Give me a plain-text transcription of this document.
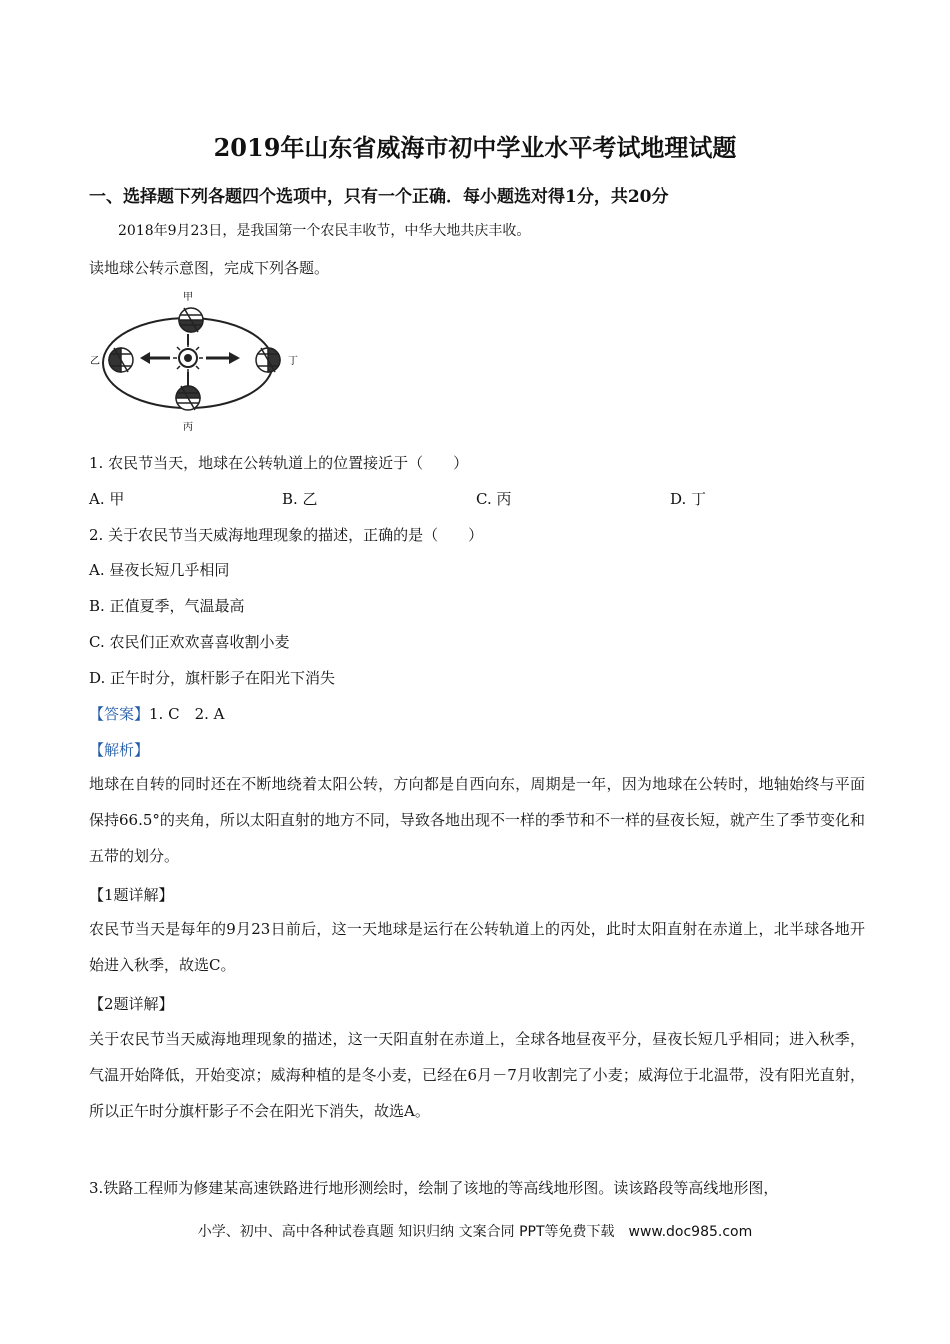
2019年山东省威海市初中学业水平考试地理试题
一、选择题下列各题四个选项中，只有一个正确．每小题选对得1分，共20分
2018年9月23日，是我国第一个农民丰收节，中华大地共庆丰收。
读地球公转示意图，完成下列各题。
甲
乙
丙
丁
1. 农民节当天，地球在公转轨道上的位置接近于（　　）
A. 甲	B. 乙	C. 丙	D. 丁
2. 关于农民节当天威海地理现象的描述，正确的是（　　）
A. 昼夜长短几乎相同
B. 正值夏季，气温最高
C. 农民们正欢欢喜喜收割小麦
D. 正午时分，旗杆影子在阳光下消失
【答案】1. C　2. A
【解析】
地球在自转的同时还在不断地绕着太阳公转，方向都是自西向东，周期是一年，因为地球在公转时，地轴始终与平面保持66.5°的夹角，所以太阳直射的地方不同，导致各地出现不一样的季节和不一样的昼夜长短，就产生了季节变化和五带的划分。
【1题详解】
农民节当天是每年的9月23日前后，这一天地球是运行在公转轨道上的丙处，此时太阳直射在赤道上，北半球各地开始进入秋季，故选C。
【2题详解】
关于农民节当天威海地理现象的描述，这一天阳直射在赤道上，全球各地昼夜平分，昼夜长短几乎相同；进入秋季，气温开始降低，开始变凉；威海种植的是冬小麦，已经在6月－7月收割完了小麦；威海位于北温带，没有阳光直射，所以正午时分旗杆影子不会在阳光下消失，故选A。
3.铁路工程师为修建某高速铁路进行地形测绘时，绘制了该地的等高线地形图。读该路段等高线地形图，
小学、初中、高中各种试卷真题 知识归纳 文案合同 PPT等免费下载　www.doc985.com
